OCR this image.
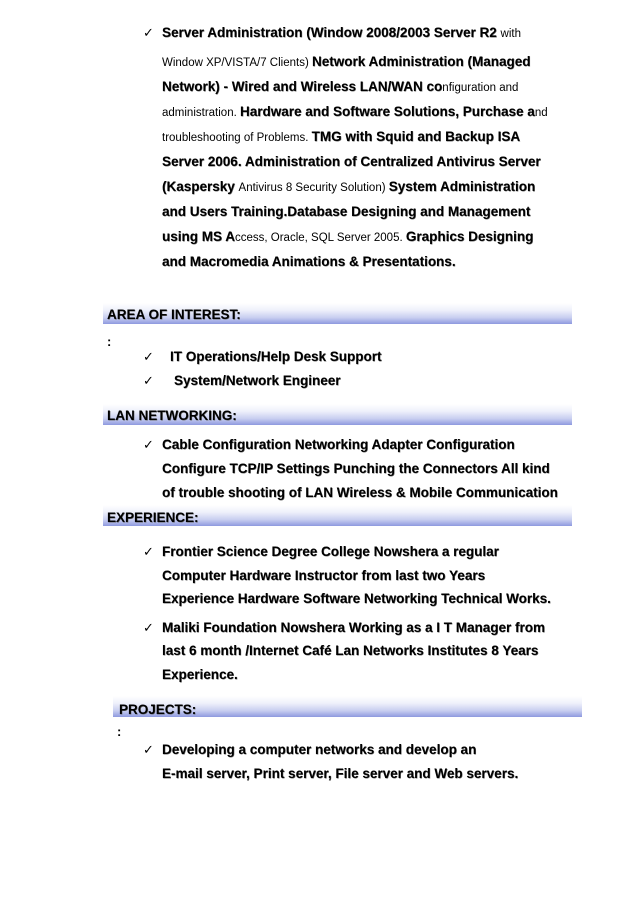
✓ Server Administration (Window 2008/2003 Server R2 with
Window XP/VISTA/7 Clients) Network Administration (Managed
Network) - Wired and Wireless LAN/WAN configuration and
administration. Hardware and Software Solutions, Purchase and
troubleshooting of Problems. TMG with Squid and Backup ISA
Server 2006. Administration of Centralized Antivirus Server
(Kaspersky Antivirus 8 Security Solution) System Administration
and Users Training.Database Designing and Management
using MS Access, Oracle, SQL Server 2005. Graphics Designing
and Macromedia Animations & Presentations.
AREA OF INTEREST:
:
✓ IT Operations/Help Desk Support
✓ System/Network Engineer
LAN NETWORKING:
✓ Cable Configuration Networking Adapter Configuration
Configure TCP/IP Settings Punching the Connectors All kind
of trouble shooting of LAN Wireless & Mobile Communication
EXPERIENCE:
✓ Frontier Science Degree College Nowshera a regular
Computer Hardware Instructor from last two Years
Experience Hardware Software Networking Technical Works.
✓ Maliki Foundation Nowshera Working as a I T Manager from
last 6 month /Internet Café Lan Networks Institutes 8 Years
Experience.
PROJECTS:
:
✓ Developing a computer networks and develop an
E-mail server, Print server, File server and Web servers.
